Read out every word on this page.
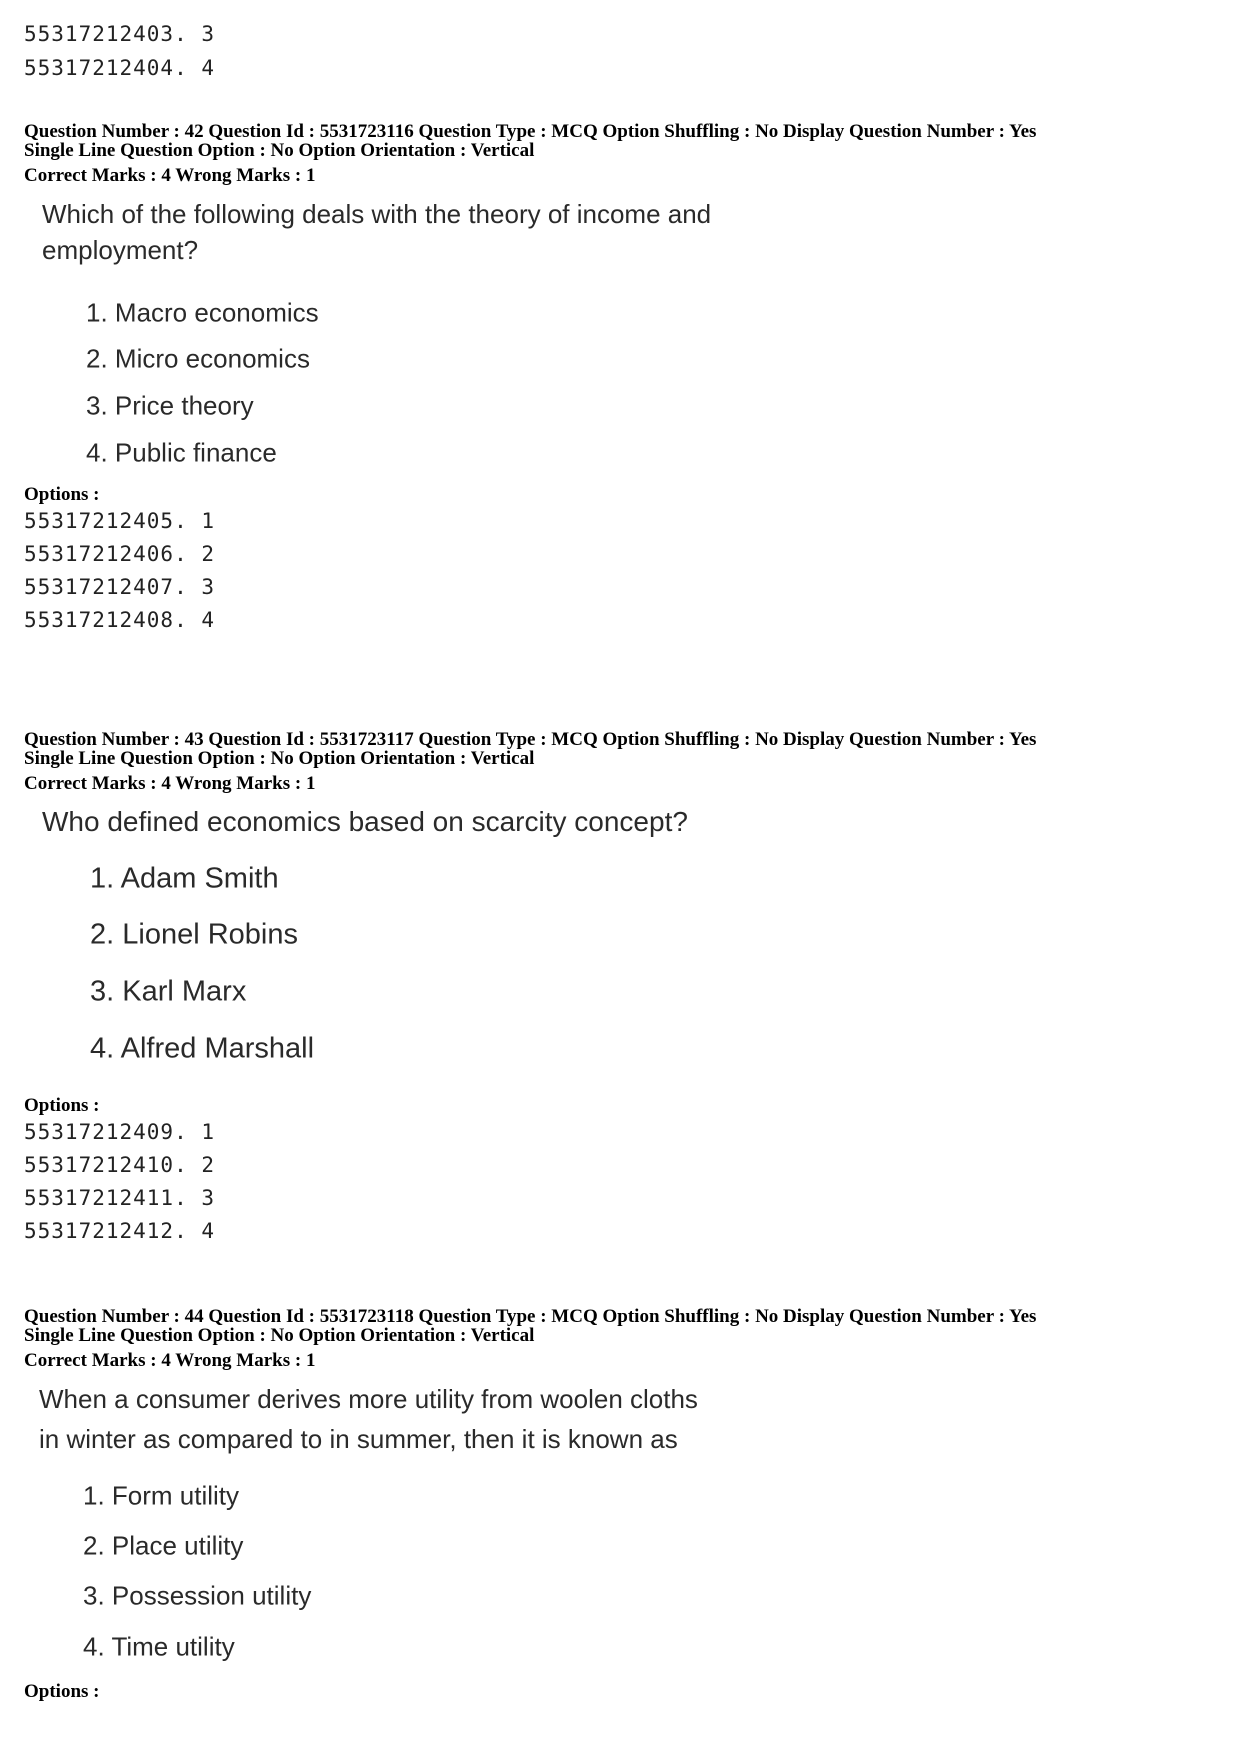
55317212403. 3
55317212404. 4
Question Number : 42 Question Id : 5531723116 Question Type : MCQ Option Shuffling : No Display Question Number : Yes
Single Line Question Option : No Option Orientation : Vertical
Correct Marks : 4 Wrong Marks : 1
Which of the following deals with the theory of income and
employment?
1. Macro economics
2. Micro economics
3. Price theory
4. Public finance
Options :
55317212405. 1
55317212406. 2
55317212407. 3
55317212408. 4
Question Number : 43 Question Id : 5531723117 Question Type : MCQ Option Shuffling : No Display Question Number : Yes
Single Line Question Option : No Option Orientation : Vertical
Correct Marks : 4 Wrong Marks : 1
Who defined economics based on scarcity concept?
1. Adam Smith
2. Lionel Robins
3. Karl Marx
4. Alfred Marshall
Options :
55317212409. 1
55317212410. 2
55317212411. 3
55317212412. 4
Question Number : 44 Question Id : 5531723118 Question Type : MCQ Option Shuffling : No Display Question Number : Yes
Single Line Question Option : No Option Orientation : Vertical
Correct Marks : 4 Wrong Marks : 1
When a consumer derives more utility from woolen cloths
in winter as compared to in summer, then it is known as
1. Form utility
2. Place utility
3. Possession utility
4. Time utility
Options :
